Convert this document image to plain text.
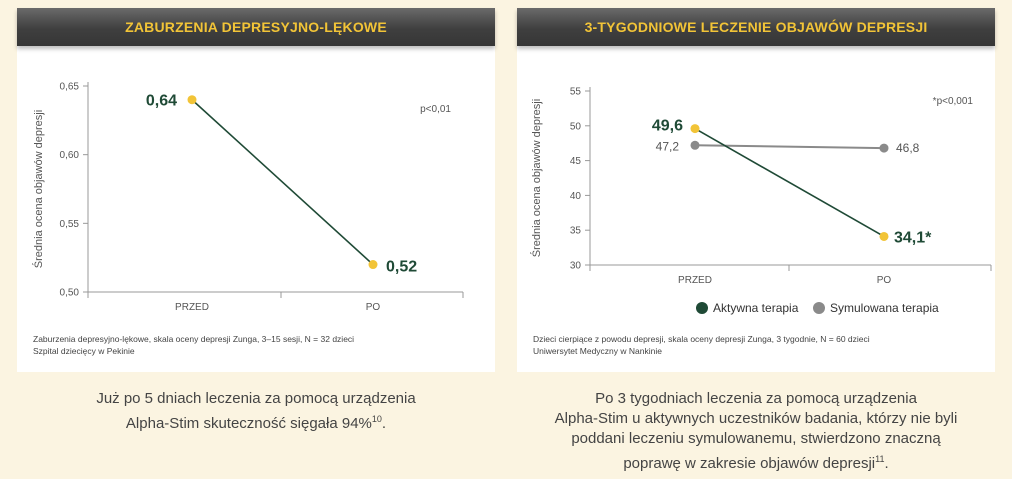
ZABURZENIA DEPRESYJNO-LĘKOWE
0,50
0,55
0,60
0,65
PRZED	PO
Średnia ocena objawów depresji
p<0,01
0,64
0,52
Zaburzenia depresyjno-lękowe, skala oceny depresji Zunga, 3–15 sesji, N = 32 dzieci
Szpital dziecięcy w Pekinie
3-TYGODNIOWE LECZENIE OBJAWÓW DEPRESJI
30
35
40
45
50
55
PRZED	PO
Średnia ocena objawów depresji	*p<0,001
47,2	46,8
49,6
34,1*
Aktywna terapia	Symulowana terapia
Dzieci cierpiące z powodu depresji, skala oceny depresji Zunga, 3 tygodnie, N = 60 dzieci
Uniwersytet Medyczny w Nankinie
Już po 5 dniach leczenia za pomocą urządzenia
Alpha-Stim skuteczność sięgała 94%$^{10}$.
Po 3 tygodniach leczenia za pomocą urządzenia
Alpha-Stim u aktywnych uczestników badania, którzy nie byli
poddani leczeniu symulowanemu, stwierdzono znaczną
poprawę w zakresie objawów depresji$^{11}$.
